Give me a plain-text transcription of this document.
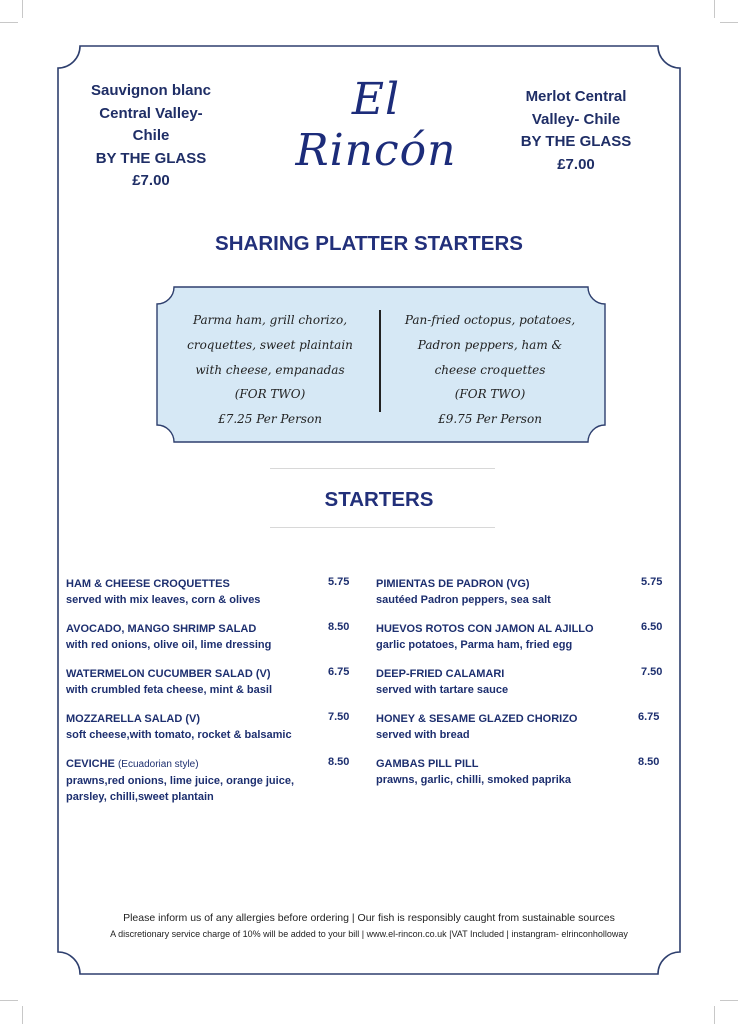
Sauvignon blanc
Central Valley-
Chile
BY THE GLASS
£7.00
El Rincón
Merlot Central
Valley- Chile
BY THE GLASS
£7.00
SHARING PLATTER STARTERS
Parma ham, grill chorizo,
croquettes, sweet plaintain
with cheese, empanadas
(FOR TWO)
£7.25 Per Person
Pan-fried octopus, potatoes,
Padron peppers, ham &
cheese croquettes
(FOR TWO)
£9.75 Per Person
STARTERS
HAM & CHEESE CROQUETTES
served with mix leaves, corn & olives
5.75
AVOCADO, MANGO SHRIMP SALAD
with red onions, olive oil, lime dressing
8.50
WATERMELON CUCUMBER SALAD (V)
with crumbled feta cheese, mint & basil
6.75
MOZZARELLA SALAD (V)
soft cheese,with tomato, rocket & balsamic
7.50
CEVICHE (Ecuadorian style)
prawns,red onions, lime juice, orange juice,
parsley, chilli,sweet plantain
8.50
PIMIENTAS DE PADRON (VG)
sautéed Padron peppers, sea salt
5.75
HUEVOS ROTOS CON JAMON AL AJILLO
garlic potatoes, Parma ham, fried egg
6.50
DEEP-FRIED CALAMARI
served with tartare sauce
7.50
HONEY & SESAME GLAZED CHORIZO
served with bread
6.75
GAMBAS PILL PILL
prawns, garlic, chilli, smoked paprika
8.50
Please inform us of any allergies before ordering | Our fish is responsibly caught from sustainable sources
A discretionary service charge of 10% will be added to your bill | www.el-rincon.co.uk |VAT Included | instangram- elrinconholloway
